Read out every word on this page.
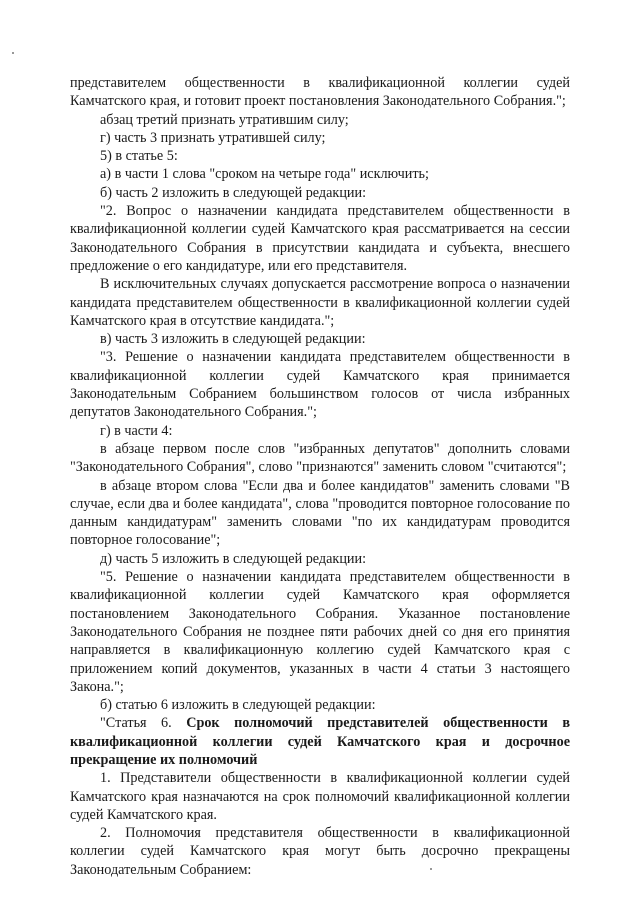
представителем общественности в квалификационной коллегии судей Камчатского края, и готовит проект постановления Законодательного Собрания.";

абзац третий признать утратившим силу;

г) часть 3 признать утратившей силу;

5) в статье 5:

а) в части 1 слова "сроком на четыре года" исключить;

б) часть 2 изложить в следующей редакции:

"2. Вопрос о назначении кандидата представителем общественности в квалификационной коллегии судей Камчатского края рассматривается на сессии Законодательного Собрания в присутствии кандидата и субъекта, внесшего предложение о его кандидатуре, или его представителя.

В исключительных случаях допускается рассмотрение вопроса о назначении кандидата представителем общественности в квалификационной коллегии судей Камчатского края в отсутствие кандидата.";

в) часть 3 изложить в следующей редакции:

"3. Решение о назначении кандидата представителем общественности в квалификационной коллегии судей Камчатского края принимается Законодательным Собранием большинством голосов от числа избранных депутатов Законодательного Собрания.";

г) в части 4:

в абзаце первом после слов "избранных депутатов" дополнить словами "Законодательного Собрания", слово "признаются" заменить словом "считаются";

в абзаце втором слова "Если два и более кандидатов" заменить словами "В случае, если два и более кандидата", слова "проводится повторное голосование по данным кандидатурам" заменить словами "по их кандидатурам проводится повторное голосование";

д) часть 5 изложить в следующей редакции:

"5. Решение о назначении кандидата представителем общественности в квалификационной коллегии судей Камчатского края оформляется постановлением Законодательного Собрания. Указанное постановление Законодательного Собрания не позднее пяти рабочих дней со дня его принятия направляется в квалификационную коллегию судей Камчатского края с приложением копий документов, указанных в части 4 статьи 3 настоящего Закона.";

б) статью 6 изложить в следующей редакции:

"Статья 6. Срок полномочий представителей общественности в квалификационной коллегии судей Камчатского края и досрочное прекращение их полномочий

1. Представители общественности в квалификационной коллегии судей Камчатского края назначаются на срок полномочий квалификационной коллегии судей Камчатского края.

2. Полномочия представителя общественности в квалификационной коллегии судей Камчатского края могут быть досрочно прекращены Законодательным Собранием:
